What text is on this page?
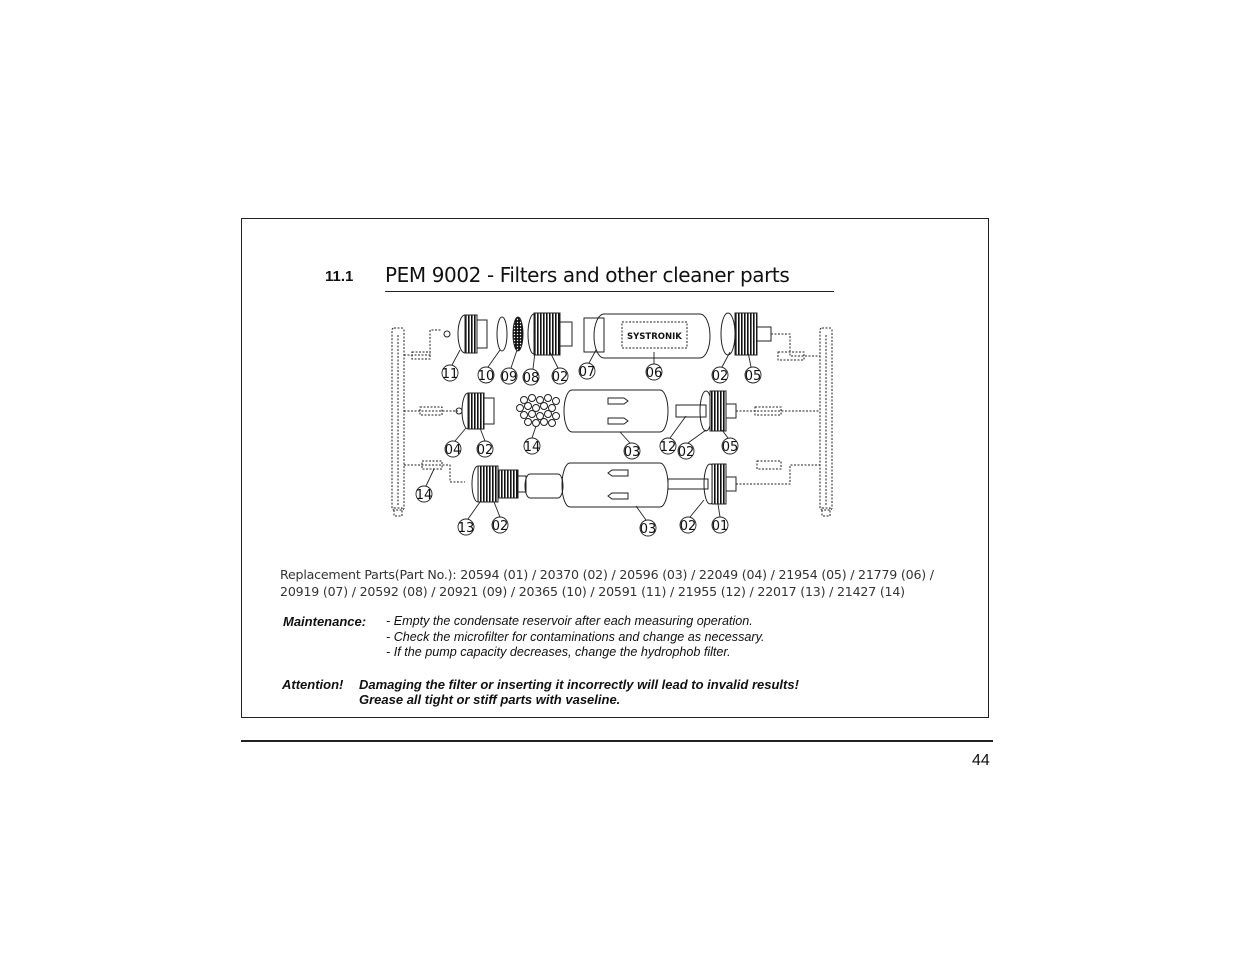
11.1 PEM 9002 - Filters and other cleaner parts
SYSTRONIK
11 10 09 08 02 07	06	02 05
04 02 14	03 12 02 05
14
13 02	03 02 01
Replacement Parts(Part No.): 20594 (01) / 20370 (02) / 20596 (03) / 22049 (04) / 21954 (05) / 21779 (06) /
20919 (07) / 20592 (08) / 20921 (09) / 20365 (10) / 20591 (11) / 21955 (12) / 22017 (13) / 21427 (14)
Maintenance: - Empty the condensate reservoir after each measuring operation.
- Check the microfilter for contaminations and change as necessary.
- If the pump capacity decreases, change the hydrophob filter.
Attention! Damaging the filter or inserting it incorrectly will lead to invalid results!
Grease all tight or stiff parts with vaseline.
44
